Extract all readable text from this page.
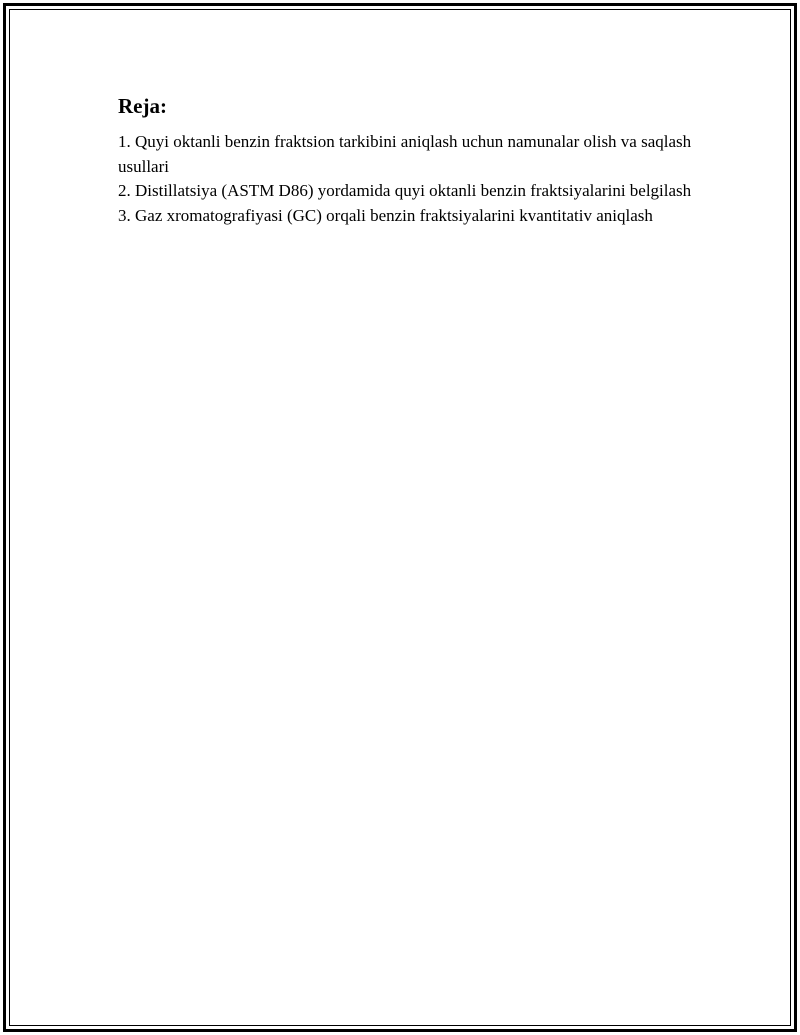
Reja:

1. Quyi oktanli benzin fraktsion tarkibini aniqlash uchun namunalar olish va saqlash usullari

2. Distillatsiya (ASTM D86) yordamida quyi oktanli benzin fraktsiyalarini belgilash

3. Gaz xromatografiyasi (GC) orqali benzin fraktsiyalarini kvantitativ aniqlash
